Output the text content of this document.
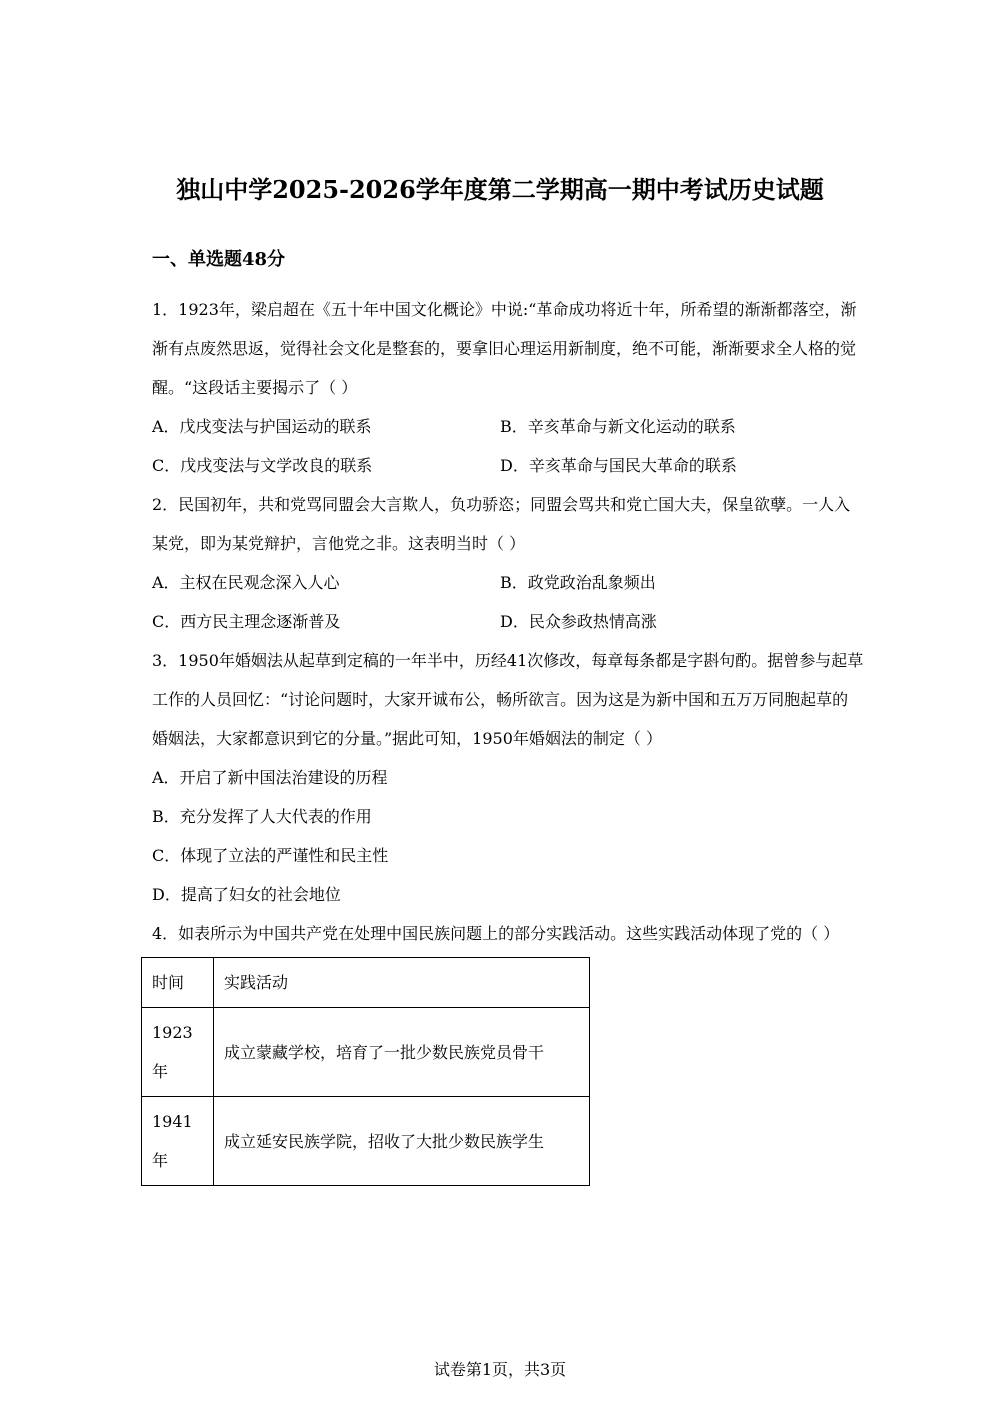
独山中学2025-2026学年度第二学期高一期中考试历史试题
一、单选题48分

1．1923年，梁启超在《五十年中国文化概论》中说:“革命成功将近十年，所希望的渐渐都落空，渐渐有点废然思返，觉得社会文化是整套的，要拿旧心理运用新制度，绝不可能，渐渐要求全人格的觉醒。“这段话主要揭示了（ ）

A．戊戌变法与护国运动的联系	B．辛亥革命与新文化运动的联系
C．戊戌变法与文学改良的联系	D．辛亥革命与国民大革命的联系

2．民国初年，共和党骂同盟会大言欺人，负功骄恣；同盟会骂共和党亡国大夫，保皇欲孽。一人入某党，即为某党辩护，言他党之非。这表明当时（ ）

A．主权在民观念深入人心	B．政党政治乱象频出
C．西方民主理念逐渐普及	D．民众参政热情高涨

3．1950年婚姻法从起草到定稿的一年半中，历经41次修改，每章每条都是字斟句酌。据曾参与起草工作的人员回忆：“讨论问题时，大家开诚布公，畅所欲言。因为这是为新中国和五万万同胞起草的婚姻法，大家都意识到它的分量。”据此可知，1950年婚姻法的制定（ ）

A．开启了新中国法治建设的历程
B．充分发挥了人大代表的作用
C．体现了立法的严谨性和民主性
D．提高了妇女的社会地位

4．如表所示为中国共产党在处理中国民族问题上的部分实践活动。这些实践活动体现了党的（ ）

时间	实践活动
1923年	成立蒙藏学校，培育了一批少数民族党员骨干
1941年	成立延安民族学院，招收了大批少数民族学生
试卷第1页，共3页
